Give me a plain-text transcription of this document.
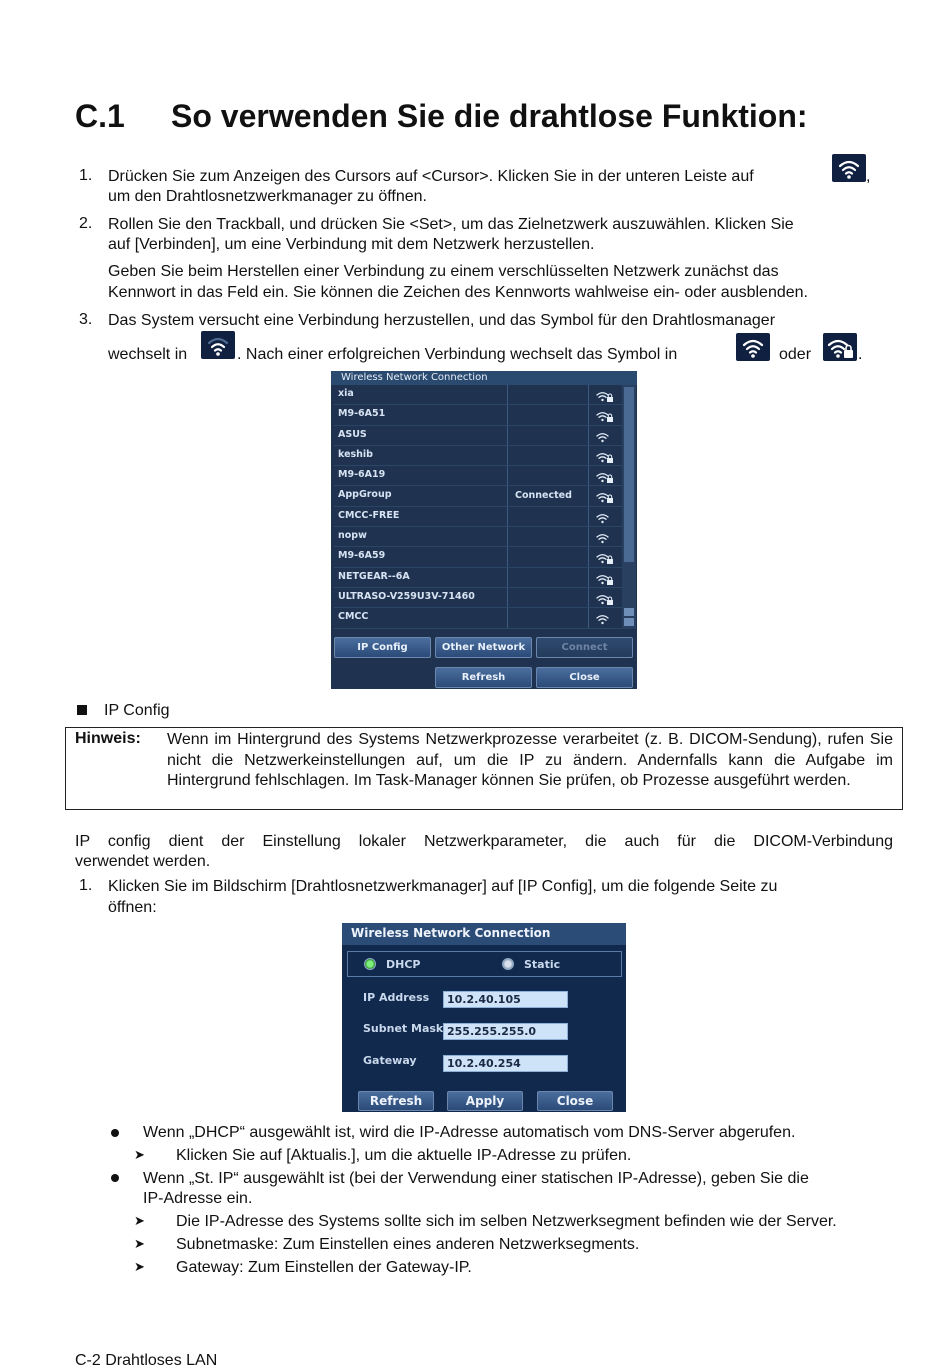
C.1 So verwenden Sie die drahtlose Funktion:
1. Drücken Sie zum Anzeigen des Cursors auf <Cursor>. Klicken Sie in der unteren Leiste auf	,
um den Drahtlosnetzwerkmanager zu öffnen.
2. Rollen Sie den Trackball, und drücken Sie <Set>, um das Zielnetzwerk auszuwählen. Klicken Sie
auf [Verbinden], um eine Verbindung mit dem Netzwerk herzustellen.
Geben Sie beim Herstellen einer Verbindung zu einem verschlüsselten Netzwerk zunächst das
Kennwort in das Feld ein. Sie können die Zeichen des Kennworts wahlweise ein- oder ausblenden.
3. Das System versucht eine Verbindung herzustellen, und das Symbol für den Drahtlosmanager
wechselt in	. Nach einer erfolgreichen Verbindung wechselt das Symbol in	oder	.
Wireless Network Connection
xia
M9-6A51
ASUS
keshib
M9-6A19
AppGroup	Connected
CMCC-FREE
nopw
M9-6A59
NETGEAR--6A
ULTRASO-V259U3V-71460
CMCC
IP Config	Other Network	Connect
Refresh	Close
IP Config
Hinweis: Wenn im Hintergrund des Systems Netzwerkprozesse verarbeitet (z. B. DICOM-Sendung), rufen Sie nicht die Netzwerkeinstellungen auf, um die IP zu ändern. Andernfalls kann die Aufgabe im Hintergrund fehlschlagen. Im Task-Manager können Sie prüfen, ob Prozesse ausgeführt werden.
IP config dient der Einstellung lokaler Netzwerkparameter, die auch für die DICOM-Verbindung
verwendet werden.
1. Klicken Sie im Bildschirm [Drahtlosnetzwerkmanager] auf [IP Config], um die folgende Seite zu
öffnen:
Wireless Network Connection
DHCP	Static
IP Address	10.2.40.105
Subnet Mask 255.255.255.0
Gateway	10.2.40.254
Refresh	Apply	Close
Wenn „DHCP“ ausgewählt ist, wird die IP-Adresse automatisch vom DNS-Server abgerufen.
➤ Klicken Sie auf [Aktualis.], um die aktuelle IP-Adresse zu prüfen.
Wenn „St. IP“ ausgewählt ist (bei der Verwendung einer statischen IP-Adresse), geben Sie die
IP-Adresse ein.
➤ Die IP-Adresse des Systems sollte sich im selben Netzwerksegment befinden wie der Server.
➤ Subnetmaske: Zum Einstellen eines anderen Netzwerksegments.
➤ Gateway: Zum Einstellen der Gateway-IP.
C-2 Drahtloses LAN
